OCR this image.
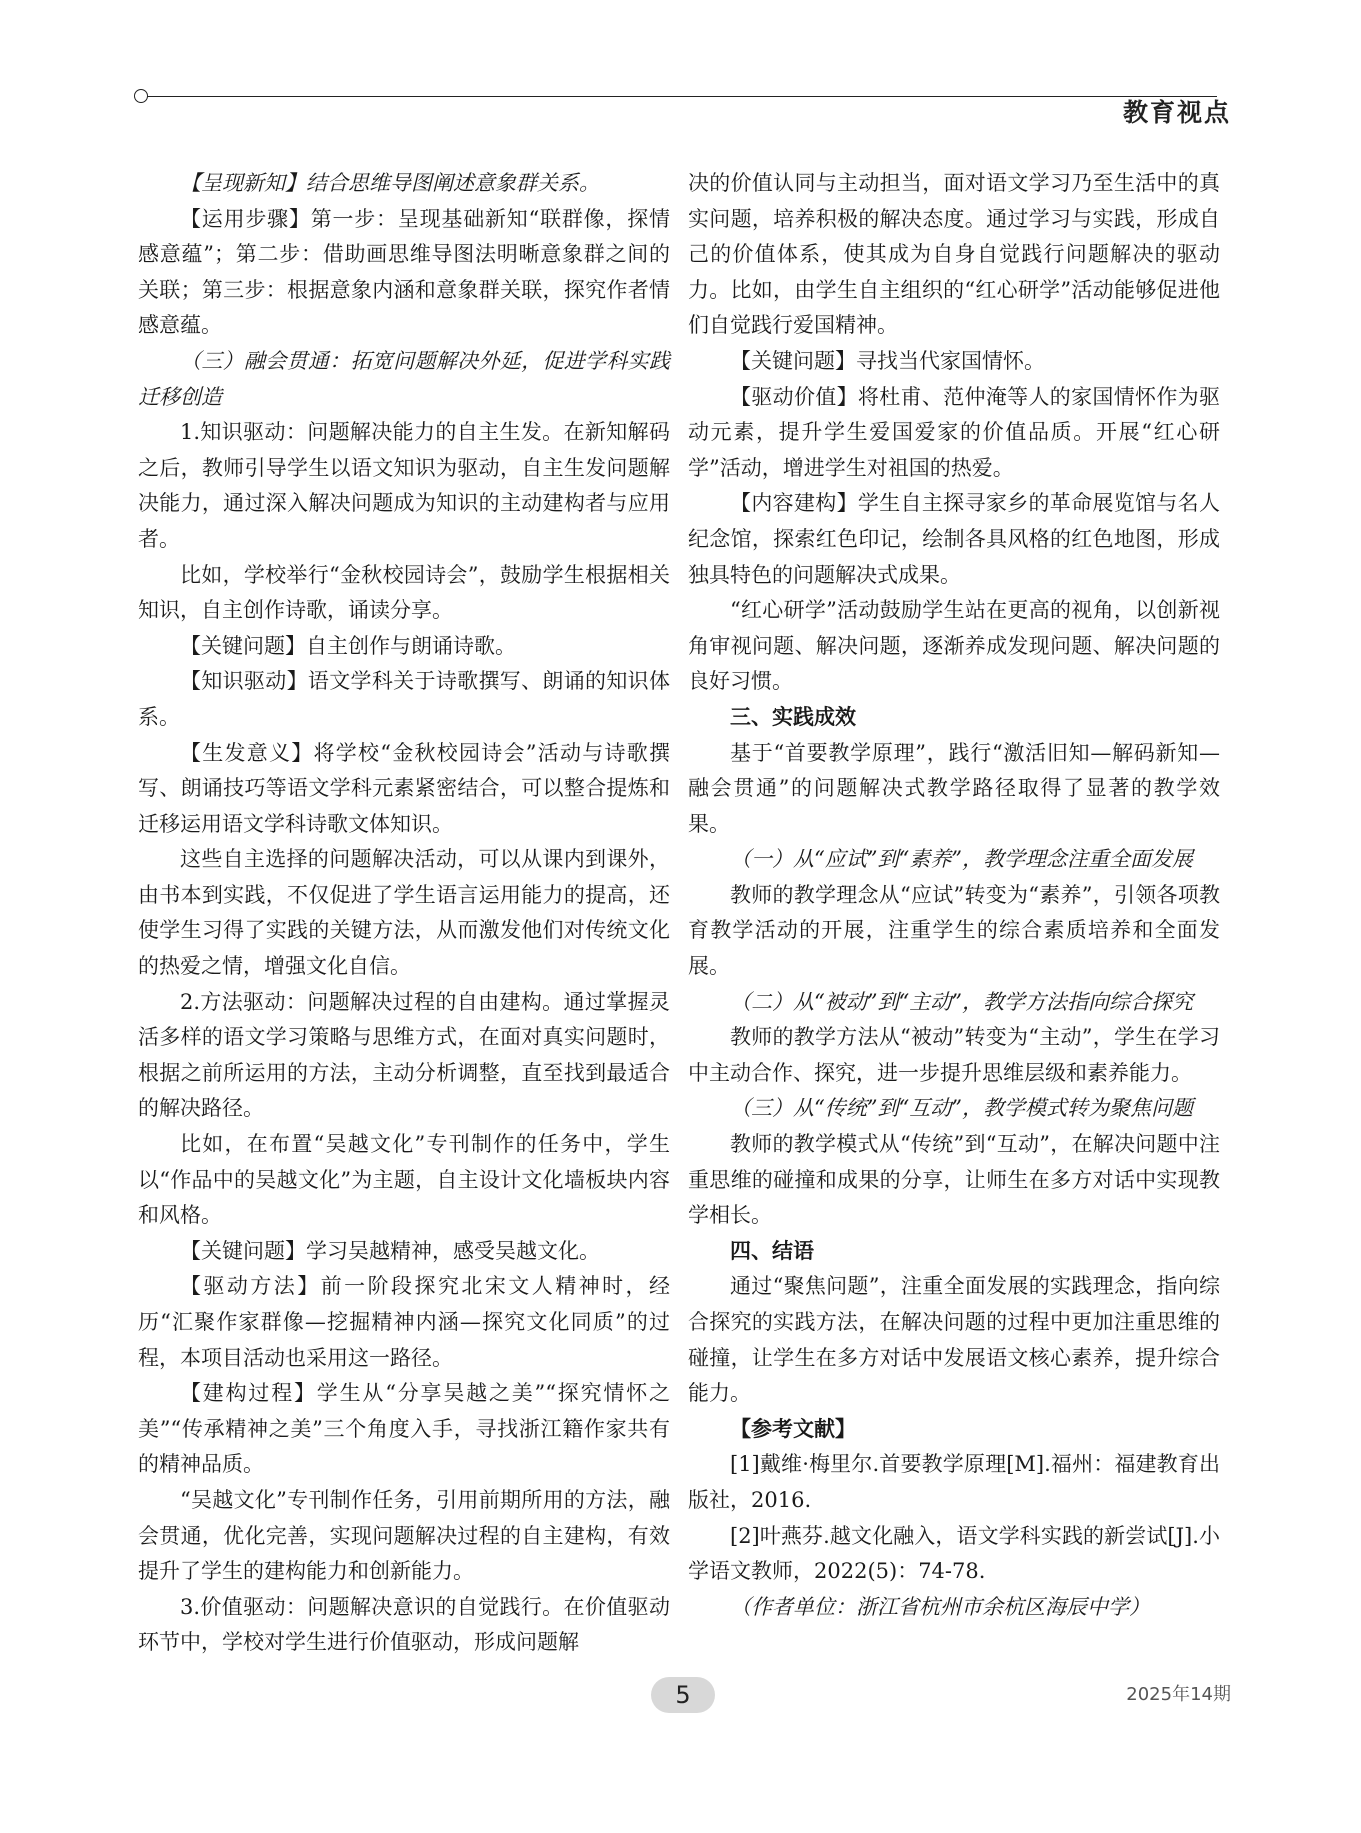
教育视点

【呈现新知】结合思维导图阐述意象群关系。

【运用步骤】第一步：呈现基础新知“联群像，探情感意蕴”；第二步：借助画思维导图法明晰意象群之间的关联；第三步：根据意象内涵和意象群关联，探究作者情感意蕴。

（三）融会贯通：拓宽问题解决外延，促进学科实践迁移创造

1.知识驱动：问题解决能力的自主生发。在新知解码之后，教师引导学生以语文知识为驱动，自主生发问题解决能力，通过深入解决问题成为知识的主动建构者与应用者。

比如，学校举行“金秋校园诗会”，鼓励学生根据相关知识，自主创作诗歌，诵读分享。

【关键问题】自主创作与朗诵诗歌。

【知识驱动】语文学科关于诗歌撰写、朗诵的知识体系。

【生发意义】将学校“金秋校园诗会”活动与诗歌撰写、朗诵技巧等语文学科元素紧密结合，可以整合提炼和迁移运用语文学科诗歌文体知识。

这些自主选择的问题解决活动，可以从课内到课外，由书本到实践，不仅促进了学生语言运用能力的提高，还使学生习得了实践的关键方法，从而激发他们对传统文化的热爱之情，增强文化自信。

2.方法驱动：问题解决过程的自由建构。通过掌握灵活多样的语文学习策略与思维方式，在面对真实问题时，根据之前所运用的方法，主动分析调整，直至找到最适合的解决路径。

比如，在布置“吴越文化”专刊制作的任务中，学生以“作品中的吴越文化”为主题，自主设计文化墙板块内容和风格。

【关键问题】学习吴越精神，感受吴越文化。

【驱动方法】前一阶段探究北宋文人精神时，经历“汇聚作家群像—挖掘精神内涵—探究文化同质”的过程，本项目活动也采用这一路径。

【建构过程】学生从“分享吴越之美”“探究情怀之美”“传承精神之美”三个角度入手，寻找浙江籍作家共有的精神品质。

“吴越文化”专刊制作任务，引用前期所用的方法，融会贯通，优化完善，实现问题解决过程的自主建构，有效提升了学生的建构能力和创新能力。

3.价值驱动：问题解决意识的自觉践行。在价值驱动环节中，学校对学生进行价值驱动，形成问题解

决的价值认同与主动担当，面对语文学习乃至生活中的真实问题，培养积极的解决态度。通过学习与实践，形成自己的价值体系，使其成为自身自觉践行问题解决的驱动力。比如，由学生自主组织的“红心研学”活动能够促进他们自觉践行爱国精神。

【关键问题】寻找当代家国情怀。

【驱动价值】将杜甫、范仲淹等人的家国情怀作为驱动元素，提升学生爱国爱家的价值品质。开展“红心研学”活动，增进学生对祖国的热爱。

【内容建构】学生自主探寻家乡的革命展览馆与名人纪念馆，探索红色印记，绘制各具风格的红色地图，形成独具特色的问题解决式成果。

“红心研学”活动鼓励学生站在更高的视角，以创新视角审视问题、解决问题，逐渐养成发现问题、解决问题的良好习惯。

三、实践成效

基于“首要教学原理”，践行“激活旧知—解码新知—融会贯通”的问题解决式教学路径取得了显著的教学效果。

（一）从“应试”到“素养”，教学理念注重全面发展

教师的教学理念从“应试”转变为“素养”，引领各项教育教学活动的开展，注重学生的综合素质培养和全面发展。

（二）从“被动”到“主动”，教学方法指向综合探究

教师的教学方法从“被动”转变为“主动”，学生在学习中主动合作、探究，进一步提升思维层级和素养能力。

（三）从“传统”到“互动”，教学模式转为聚焦问题

教师的教学模式从“传统”到“互动”，在解决问题中注重思维的碰撞和成果的分享，让师生在多方对话中实现教学相长。

四、结语

通过“聚焦问题”，注重全面发展的实践理念，指向综合探究的实践方法，在解决问题的过程中更加注重思维的碰撞，让学生在多方对话中发展语文核心素养，提升综合能力。

【参考文献】

[1]戴维·梅里尔.首要教学原理[M].福州：福建教育出版社，2016.

[2]叶燕芬.越文化融入，语文学科实践的新尝试[J].小学语文教师，2022(5)：74-78.

（作者单位：浙江省杭州市余杭区海辰中学）

5	2025年14期
